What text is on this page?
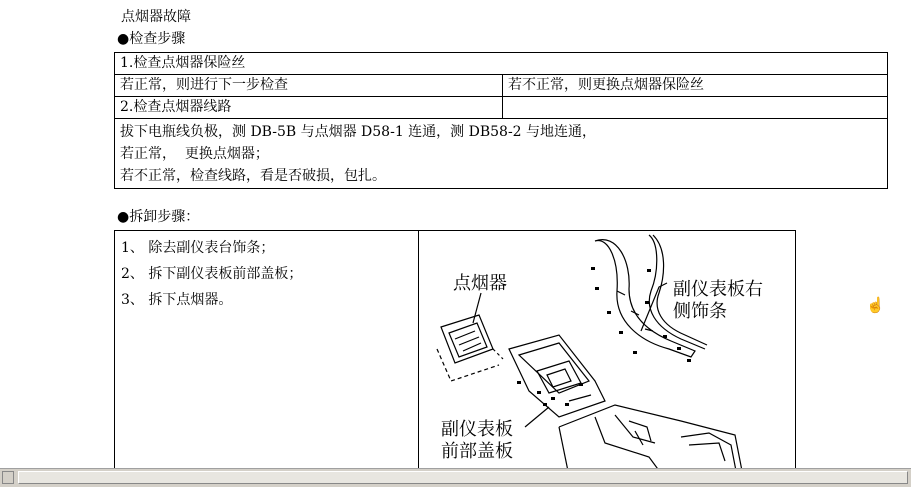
点烟器故障
●检查步骤
1.检查点烟器保险丝	
若正常，则进行下一步检查	若不正常，则更换点烟器保险丝
2.检查点烟器线路	

拔下电瓶线负极，测 DB-5B 与点烟器 D58-1 连通，测 DB58-2 与地连通，
若正常，  更换点烟器；
若不正常，检查线路，看是否破损，包扎。	
●拆卸步骤：
1、 除去副仪表台饰条；
2、 拆下副仪表板前部盖板；
3、 拆下点烟器。
点烟器	副仪表板右
侧饰条
副仪表板
前部盖板
☝
